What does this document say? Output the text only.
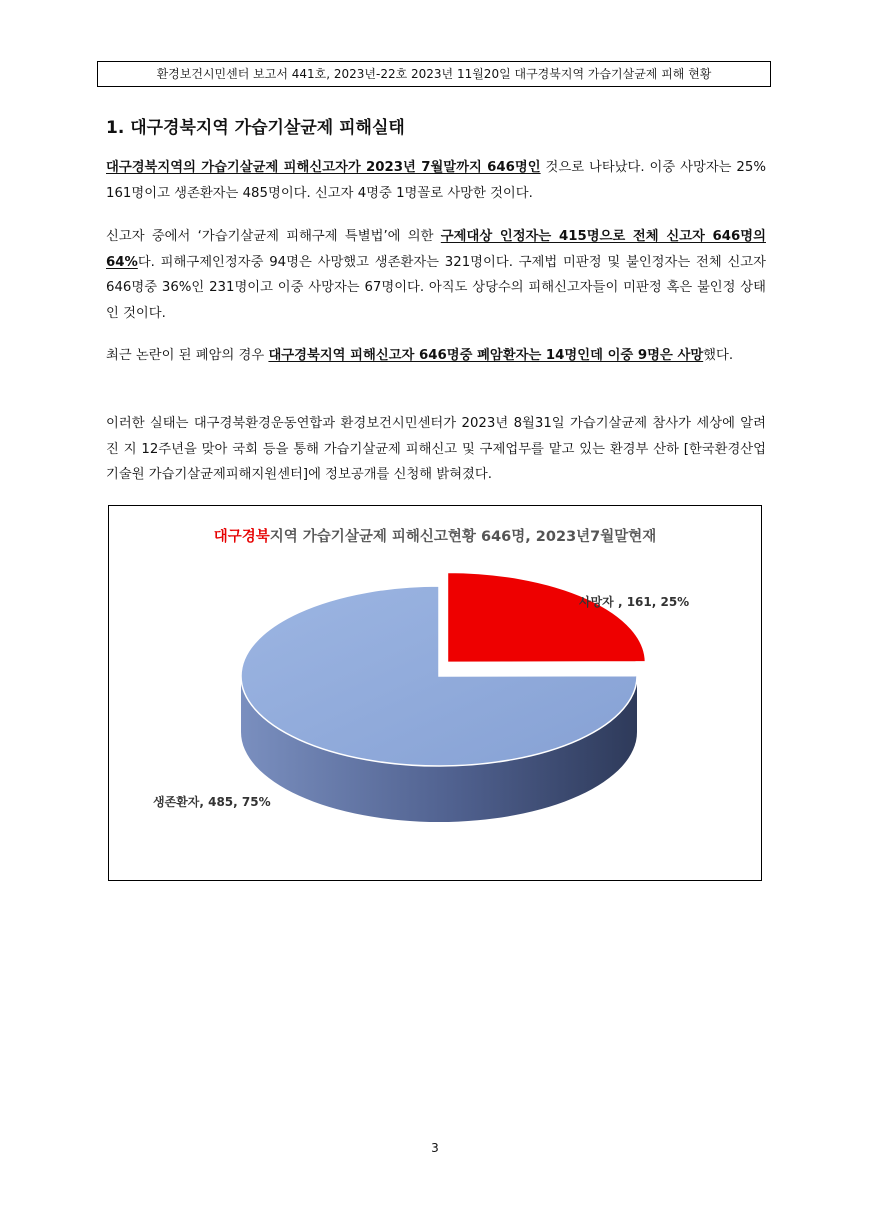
환경보건시민센터 보고서 441호, 2023년-22호 2023년 11월20일 대구경북지역 가습기살균제 피해 현황
1. 대구경북지역 가습기살균제 피해실태

대구경북지역의 가습기살균제 피해신고자가 2023년 7월말까지 646명인 것으로 나타났다. 이중 사망자는 25% 161명이고 생존환자는 485명이다. 신고자 4명중 1명꼴로 사망한 것이다.

신고자 중에서 ‘가습기살균제 피해구제 특별법’에 의한 구제대상 인정자는 415명으로 전체 신고자 646명의 64%다. 피해구제인정자중 94명은 사망했고 생존환자는 321명이다. 구제법 미판정 및 불인정자는 전체 신고자 646명중 36%인 231명이고 이중 사망자는 67명이다. 아직도 상당수의 피해신고자들이 미판정 혹은 불인정 상태인 것이다.

최근 논란이 된 폐암의 경우 대구경북지역 피해신고자 646명중 폐암환자는 14명인데 이중 9명은 사망했다.

이러한 실태는 대구경북환경운동연합과 환경보건시민센터가 2023년 8월31일 가습기살균제 참사가 세상에 알려진 지 12주년을 맞아 국회 등을 통해 가습기살균제 피해신고 및 구제업무를 맡고 있는 환경부 산하 [한국환경산업기술원 가습기살균제피해지원센터]에 정보공개를 신청해 밝혀졌다.

대구경북지역 가습기살균제 피해신고현황 646명, 2023년7월말현재
사망자 , 161, 25%
생존환자, 485, 75%
3
